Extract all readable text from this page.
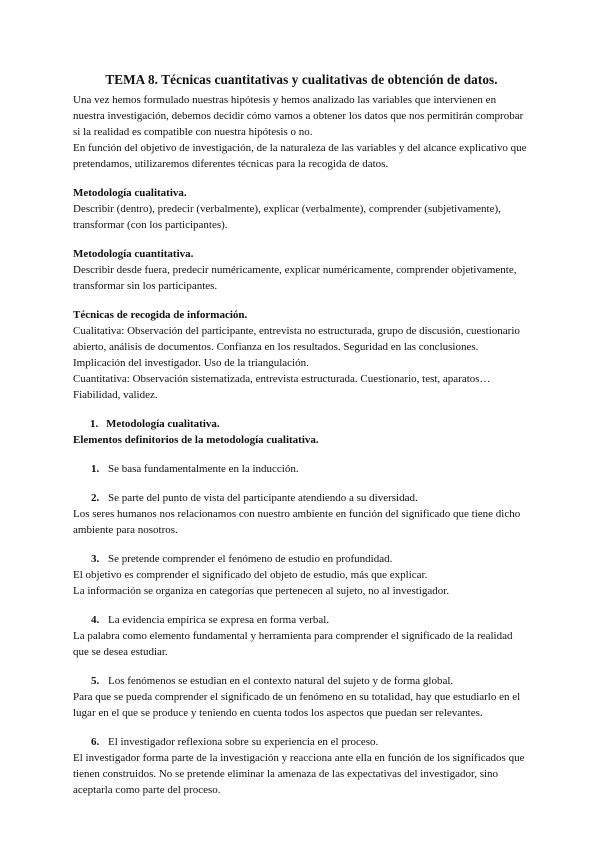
TEMA 8. Técnicas cuantitativas y cualitativas de obtención de datos.

Una vez hemos formulado nuestras hipótesis y hemos analizado las variables que intervienen en nuestra investigación, debemos decidir cómo vamos a obtener los datos que nos permitirán comprobar si la realidad es compatible con nuestra hipótesis o no.

En función del objetivo de investigación, de la naturaleza de las variables y del alcance explicativo que pretendamos, utilizaremos diferentes técnicas para la recogida de datos.

Metodología cualitativa.

Describir (dentro), predecir (verbalmente), explicar (verbalmente), comprender (subjetivamente), transformar (con los participantes).

Metodología cuantitativa.

Describir desde fuera, predecir numéricamente, explicar numéricamente, comprender objetivamente, transformar sin los participantes.

Técnicas de recogida de información.

Cualitativa: Observación del participante, entrevista no estructurada, grupo de discusión, cuestionario abierto, análisis de documentos. Confianza en los resultados. Seguridad en las conclusiones.

Implicación del investigador. Uso de la triangulación.

Cuantitativa: Observación sistematizada, entrevista estructurada. Cuestionario, test, aparatos…

Fiabilidad, validez.

1. Metodología cualitativa.

Elementos definitorios de la metodología cualitativa.

1. Se basa fundamentalmente en la inducción.

2. Se parte del punto de vista del participante atendiendo a su diversidad.

Los seres humanos nos relacionamos con nuestro ambiente en función del significado que tiene dicho ambiente para nosotros.

3. Se pretende comprender el fenómeno de estudio en profundidad.

El objetivo es comprender el significado del objeto de estudio, más que explicar.

La información se organiza en categorías que pertenecen al sujeto, no al investigador.

4. La evidencia empírica se expresa en forma verbal.

La palabra como elemento fundamental y herramienta para comprender el significado de la realidad que se desea estudiar.

5. Los fenómenos se estudian en el contexto natural del sujeto y de forma global.

Para que se pueda comprender el significado de un fenómeno en su totalidad, hay que estudiarlo en el lugar en el que se produce y teniendo en cuenta todos los aspectos que puedan ser relevantes.

6. El investigador reflexiona sobre su experiencia en el proceso.

El investigador forma parte de la investigación y reacciona ante ella en función de los significados que tienen construidos. No se pretende eliminar la amenaza de las expectativas del investigador, sino aceptarla como parte del proceso.
